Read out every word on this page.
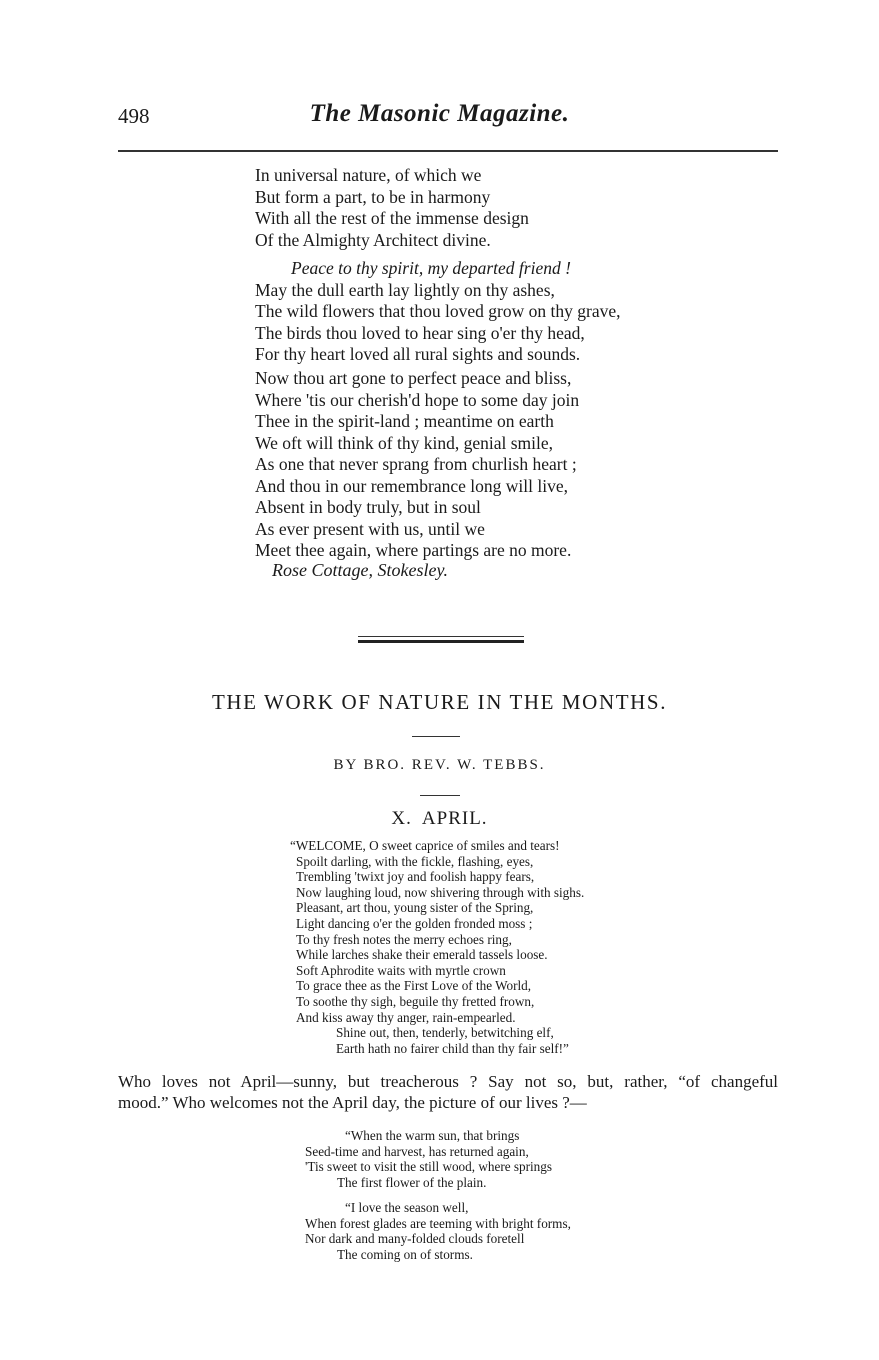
498	The Masonic Magazine.
In universal nature, of which we
But form a part, to be in harmony
With all the rest of the immense design
Of the Almighty Architect divine.
Peace to thy spirit, my departed friend !
May the dull earth lay lightly on thy ashes,
The wild flowers that thou loved grow on thy grave,
The birds thou loved to hear sing o'er thy head,
For thy heart loved all rural sights and sounds.
Now thou art gone to perfect peace and bliss,
Where 'tis our cherish'd hope to some day join
Thee in the spirit-land ; meantime on earth
We oft will think of thy kind, genial smile,
As one that never sprang from churlish heart ;
And thou in our remembrance long will live,
Absent in body truly, but in soul
As ever present with us, until we
Meet thee again, where partings are no more.
Rose Cottage, Stokesley.
THE WORK OF NATURE IN THE MONTHS.
BY BRO. REV. W. TEBBS.
X. APRIL.
“WELCOME, O sweet caprice of smiles and tears!
Spoilt darling, with the fickle, flashing, eyes,
Trembling 'twixt joy and foolish happy fears,
Now laughing loud, now shivering through with sighs.
Pleasant, art thou, young sister of the Spring,
Light dancing o'er the golden fronded moss ;
To thy fresh notes the merry echoes ring,
While larches shake their emerald tassels loose.
Soft Aphrodite waits with myrtle crown
To grace thee as the First Love of the World,
To soothe thy sigh, beguile thy fretted frown,
And kiss away thy anger, rain-empearled.
Shine out, then, tenderly, betwitching elf,
Earth hath no fairer child than thy fair self!”
Who loves not April—sunny, but treacherous ? Say not so, but, rather, “of changeful
mood.” Who welcomes not the April day, the picture of our lives ?—
“When the warm sun, that brings
Seed-time and harvest, has returned again,
'Tis sweet to visit the still wood, where springs
The first flower of the plain.
“I love the season well,
When forest glades are teeming with bright forms,
Nor dark and many-folded clouds foretell
The coming on of storms.
